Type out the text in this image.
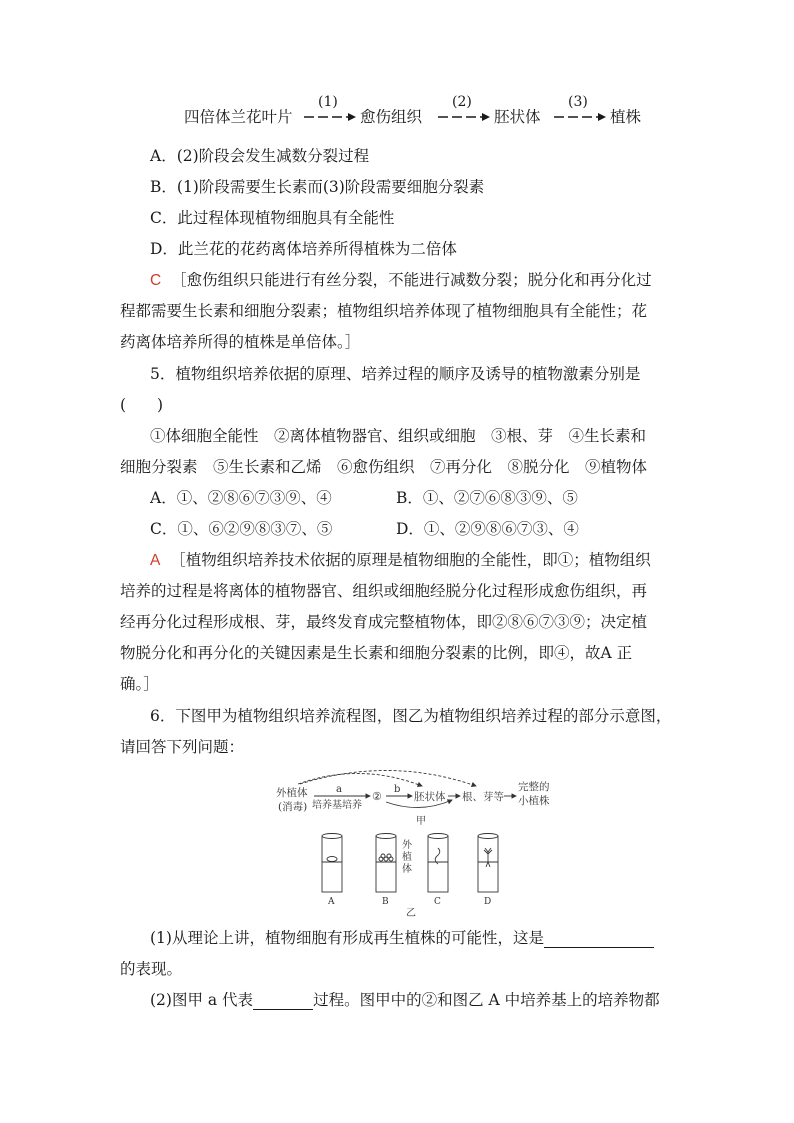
四倍体兰花叶片
(1)
愈伤组织
(2)
胚状体
(3)
植株
A．(2)阶段会发生减数分裂过程
B．(1)阶段需要生长素而(3)阶段需要细胞分裂素
C．此过程体现植物细胞具有全能性
D．此兰花的花药离体培养所得植株为二倍体
C ［愈伤组织只能进行有丝分裂，不能进行减数分裂；脱分化和再分化过
程都需要生长素和细胞分裂素；植物组织培养体现了植物细胞具有全能性；花
药离体培养所得的植株是单倍体。］
5．植物组织培养依据的原理、培养过程的顺序及诱导的植物激素分别是
(　　)
①体细胞全能性　②离体植物器官、组织或细胞　③根、芽　④生长素和
细胞分裂素　⑤生长素和乙烯　⑥愈伤组织　⑦再分化　⑧脱分化　⑨植物体
A．①、②⑧⑥⑦③⑨、④	B．①、②⑦⑥⑧③⑨、⑤
C．①、⑥②⑨⑧③⑦、⑤	D．①、②⑨⑧⑥⑦③、④
A ［植物组织培养技术依据的原理是植物细胞的全能性，即①；植物组织
培养的过程是将离体的植物器官、组织或细胞经脱分化过程形成愈伤组织，再
经再分化过程形成根、芽，最终发育成完整植物体，即②⑧⑥⑦③⑨；决定植
物脱分化和再分化的关键因素是生长素和细胞分裂素的比例，即④，故A 正
确。］
6．下图甲为植物组织培养流程图，图乙为植物组织培养过程的部分示意图，
请回答下列问题：
外植体
(消毒)
a
培养基培养
②
b
胚状体 根、芽等
完整的
小植株
甲
外
植
体
A	B	C	D
乙
(1)从理论上讲，植物细胞有形成再生植株的可能性，这是
的表现。
(2)图甲 a 代表	过程。图甲中的②和图乙 A 中培养基上的培养物都
